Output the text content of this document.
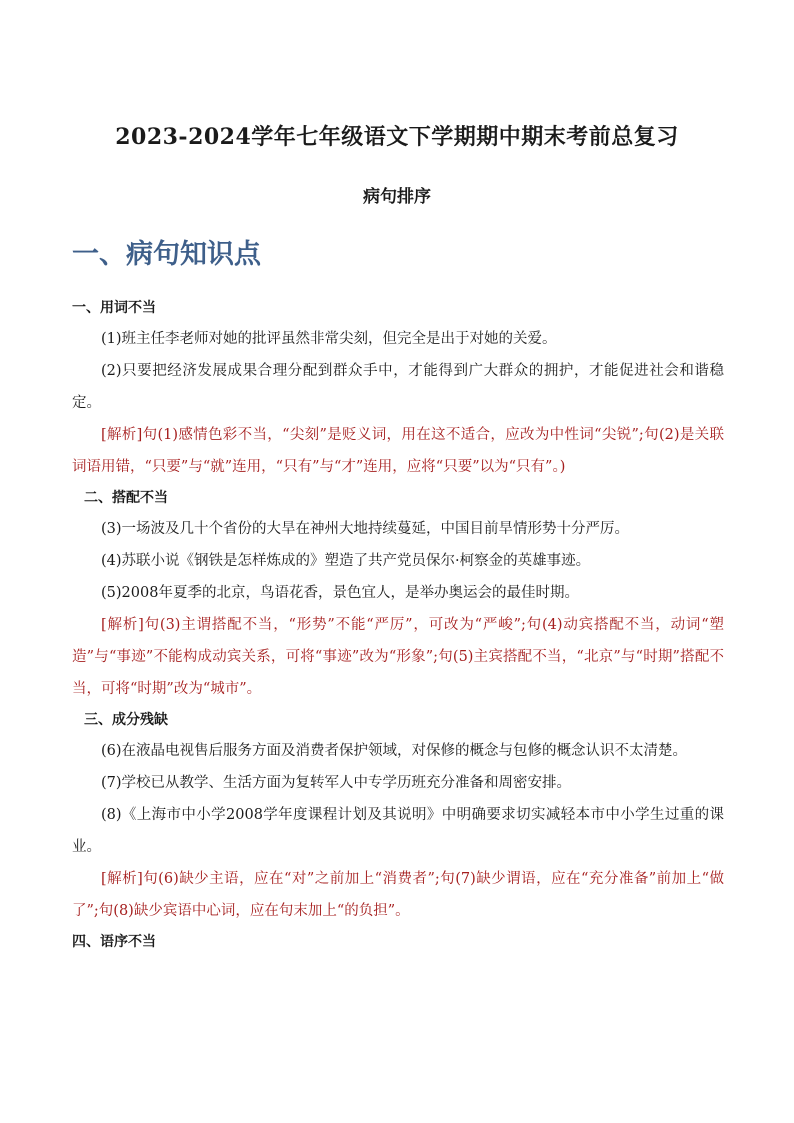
2023-2024学年七年级语文下学期期中期末考前总复习
病句排序
一、病句知识点

一、用词不当

(1)班主任李老师对她的批评虽然非常尖刻，但完全是出于对她的关爱。

(2)只要把经济发展成果合理分配到群众手中，才能得到广大群众的拥护，才能促进社会和谐稳定。

[解析]句(1)感情色彩不当，“尖刻”是贬义词，用在这不适合，应改为中性词“尖锐”;句(2)是关联词语用错，“只要”与“就”连用，“只有”与“才”连用，应将“只要”以为“只有”。)

二、搭配不当

(3)一场波及几十个省份的大旱在神州大地持续蔓延，中国目前旱情形势十分严厉。

(4)苏联小说《钢铁是怎样炼成的》塑造了共产党员保尔·柯察金的英雄事迹。

(5)2008年夏季的北京，鸟语花香，景色宜人，是举办奥运会的最佳时期。

[解析]句(3)主谓搭配不当，“形势”不能“严厉”，可改为“严峻”;句(4)动宾搭配不当，动词“塑造”与“事迹”不能构成动宾关系，可将“事迹”改为“形象”;句(5)主宾搭配不当，“北京”与“时期”搭配不当，可将“时期”改为“城市”。

三、成分残缺

(6)在液晶电视售后服务方面及消费者保护领域，对保修的概念与包修的概念认识不太清楚。

(7)学校已从教学、生活方面为复转军人中专学历班充分准备和周密安排。

(8)《上海市中小学2008学年度课程计划及其说明》中明确要求切实减轻本市中小学生过重的课业。

[解析]句(6)缺少主语，应在“对”之前加上“消费者”;句(7)缺少谓语，应在“充分准备”前加上“做了”;句(8)缺少宾语中心词，应在句末加上“的负担”。

四、语序不当
